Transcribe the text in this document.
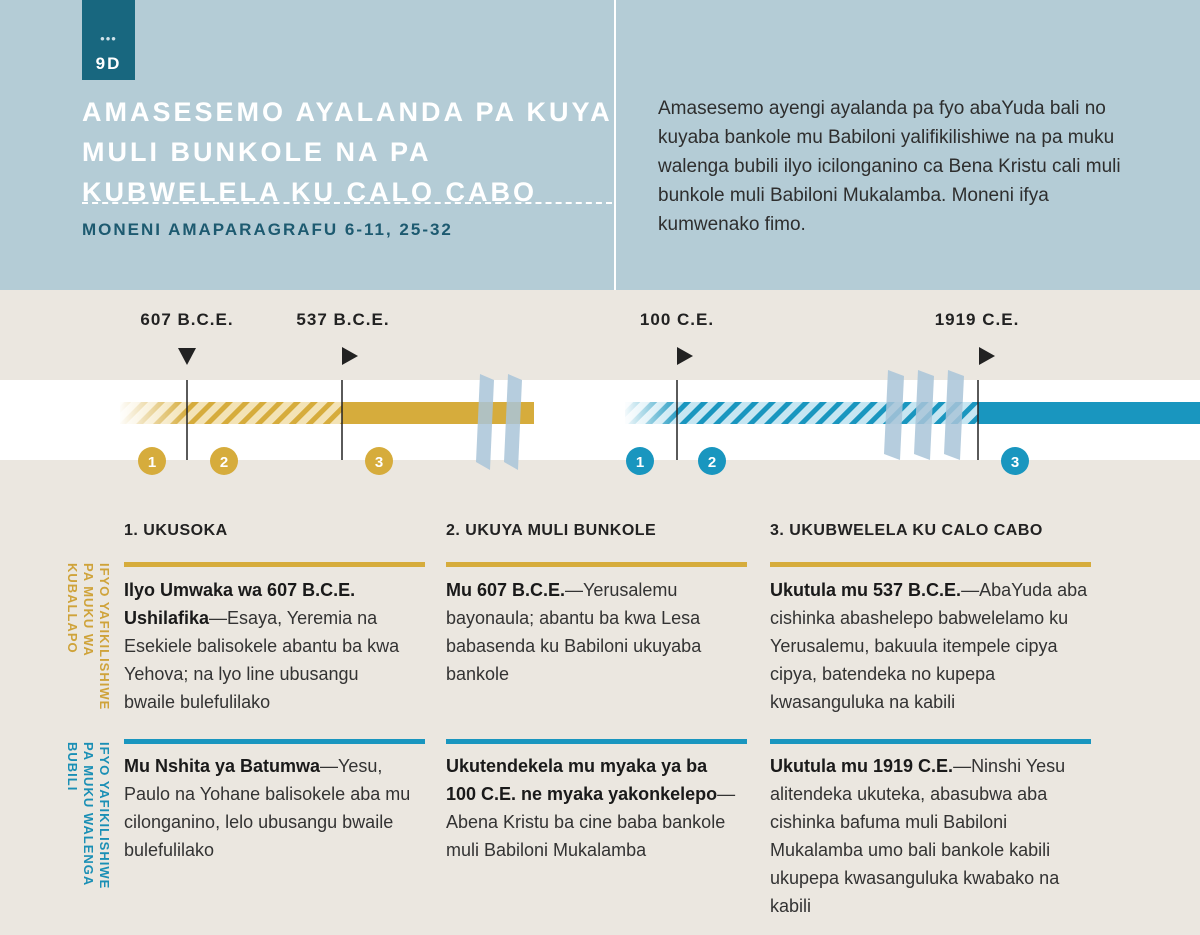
•••
9D
AMASESEMO AYALANDA PA KUYA MULI BUNKOLE NA PA KUBWELELA KU CALO CABO
MONENI AMAPARAGRAFU 6-11, 25-32
Amasesemo ayengi ayalanda pa fyo abaYuda bali no kuyaba bankole mu Babiloni yalifikilishiwe na pa muku walenga bubili ilyo icilonganino ca Bena Kristu cali muli bunkole muli Babiloni Mukalamba. Moneni ifya kumwenako fimo.
1	2	3	1	2	3
607 B.C.E.	537 B.C.E.	100 C.E.	1919 C.E.
IFYO YAFIKILISHIWE PA MUKU WA KUBALLAPO
IFYO YAFIKILISHIWE PA MUKU WALENGA BUBILI
1. UKUSOKA	2. UKUYA MULI BUNKOLE	3. UKUBWELELA KU CALO CABO
Ilyo Umwaka wa 607 B.C.E. Ushilafika—Esaya, Yeremia na Esekiele balisokele abantu ba kwa Yehova; na lyo line ubusangu bwaile bulefulilako
Mu 607 B.C.E.—Yerusalemu bayonaula; abantu ba kwa Lesa babasenda ku Babiloni ukuyaba bankole
Ukutula mu 537 B.C.E.—AbaYuda aba cishinka abashelepo babwelelamo ku Yerusalemu, bakuula itempele cipya cipya, batendeka no kupepa kwasanguluka na kabili
Mu Nshita ya Batumwa—Yesu, Paulo na Yohane balisokele aba mu cilonganino, lelo ubusangu bwaile bulefulilako
Ukutendekela mu myaka ya ba 100 C.E. ne myaka yakonkelepo—Abena Kristu ba cine baba bankole muli Babiloni Mukalamba
Ukutula mu 1919 C.E.—Ninshi Yesu alitendeka ukuteka, abasubwa aba cishinka bafuma muli Babiloni Mukalamba umo bali bankole kabili ukupepa kwasanguluka kwabako na kabili
